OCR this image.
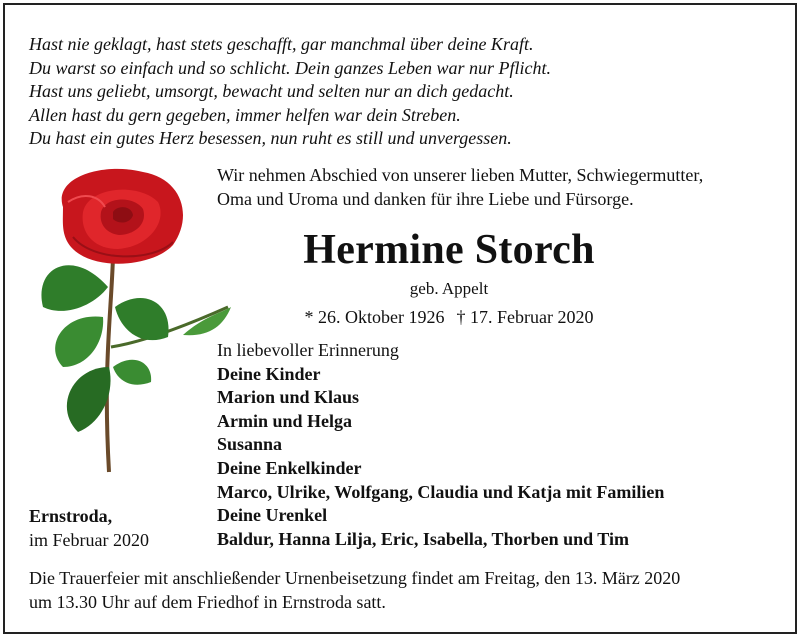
Hast nie geklagt, hast stets geschafft, gar manchmal über deine Kraft.
Du warst so einfach und so schlicht. Dein ganzes Leben war nur Pflicht.
Hast uns geliebt, umsorgt, bewacht und selten nur an dich gedacht.
Allen hast du gern gegeben, immer helfen war dein Streben.
Du hast ein gutes Herz besessen, nun ruht es still und unvergessen.
Wir nehmen Abschied von unserer lieben Mutter, Schwiegermutter,
Oma und Uroma und danken für ihre Liebe und Fürsorge.
Hermine Storch
geb. Appelt
* 26. Oktober 1926 † 17. Februar 2020
In liebevoller Erinnerung
Deine Kinder
Marion und Klaus
Armin und Helga
Susanna
Deine Enkelkinder
Marco, Ulrike, Wolfgang, Claudia und Katja mit Familien
Deine Urenkel
Baldur, Hanna Lilja, Eric, Isabella, Thorben und Tim
Ernstroda,
im Februar 2020
Die Trauerfeier mit anschließender Urnenbeisetzung findet am Freitag, den 13. März 2020
um 13.30 Uhr auf dem Friedhof in Ernstroda satt.
